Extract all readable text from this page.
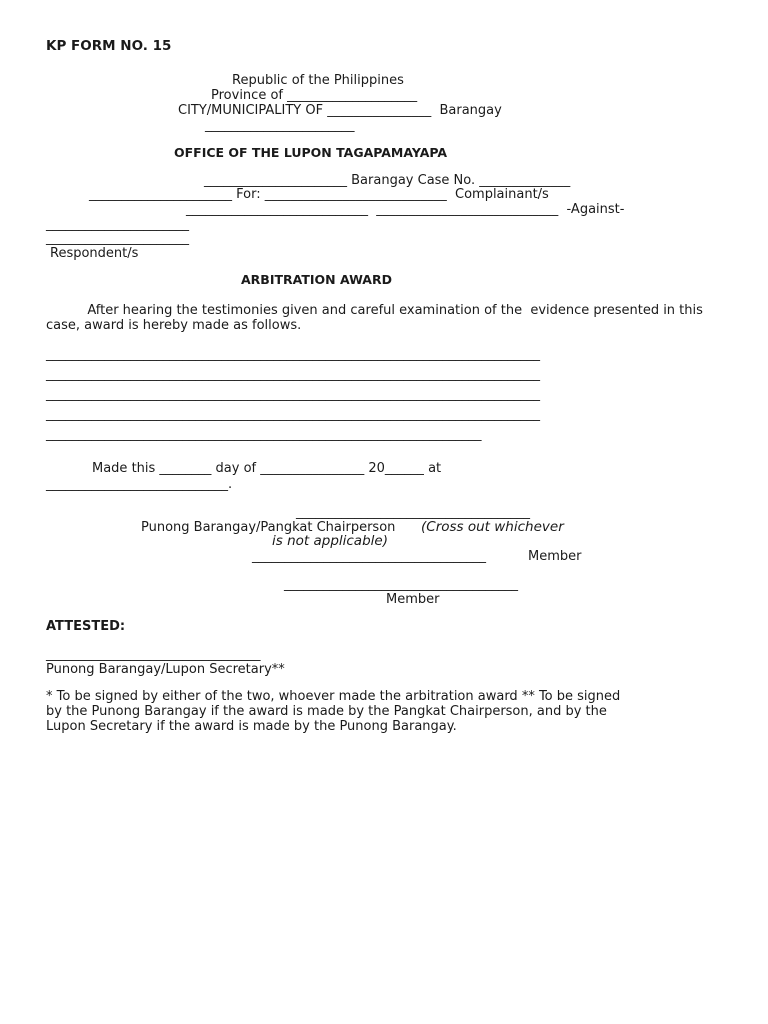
KP FORM NO. 15
Republic of the Philippines
Province of ____________________
CITY/MUNICIPALITY OF ________________  Barangay
_______________________
OFFICE OF THE LUPON TAGAPAMAYAPA
______________________ Barangay Case No. ______________
______________________ For: ____________________________  Complainant/s
____________________________  ____________________________  -Against-
______________________
______________________
Respondent/s
ARBITRATION AWARD
After hearing the testimonies given and careful examination of the  evidence presented in this case, award is hereby made as follows.
____________________________________________________________________________
____________________________________________________________________________
____________________________________________________________________________
____________________________________________________________________________
___________________________________________________________________
Made this ________ day of ________________ 20______ at
____________________________.
____________________________________
Punong Barangay/Pangkat Chairperson (Cross out whichever
is not applicable)
____________________________________	Member
____________________________________
Member
ATTESTED:
_________________________________
Punong Barangay/Lupon Secretary**
* To be signed by either of the two, whoever made the arbitration award ** To be signed by the Punong Barangay if the award is made by the Pangkat Chairperson, and by the Lupon Secretary if the award is made by the Punong Barangay.
